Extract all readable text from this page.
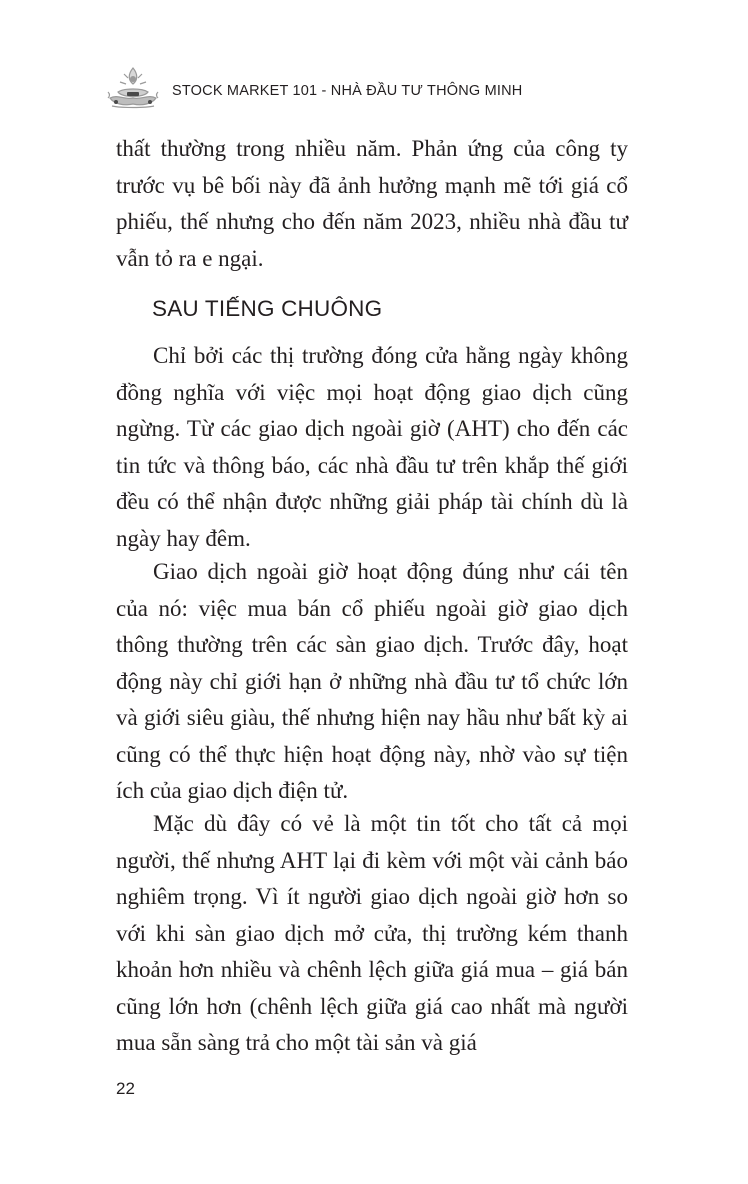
STOCK MARKET 101 - NHÀ ĐẦU TƯ THÔNG MINH

thất thường trong nhiều năm. Phản ứng của công ty trước vụ bê bối này đã ảnh hưởng mạnh mẽ tới giá cổ phiếu, thế nhưng cho đến năm 2023, nhiều nhà đầu tư vẫn tỏ ra e ngại.

SAU TIẾNG CHUÔNG

Chỉ bởi các thị trường đóng cửa hằng ngày không đồng nghĩa với việc mọi hoạt động giao dịch cũng ngừng. Từ các giao dịch ngoài giờ (AHT) cho đến các tin tức và thông báo, các nhà đầu tư trên khắp thế giới đều có thể nhận được những giải pháp tài chính dù là ngày hay đêm.

Giao dịch ngoài giờ hoạt động đúng như cái tên của nó: việc mua bán cổ phiếu ngoài giờ giao dịch thông thường trên các sàn giao dịch. Trước đây, hoạt động này chỉ giới hạn ở những nhà đầu tư tổ chức lớn và giới siêu giàu, thế nhưng hiện nay hầu như bất kỳ ai cũng có thể thực hiện hoạt động này, nhờ vào sự tiện ích của giao dịch điện tử.

Mặc dù đây có vẻ là một tin tốt cho tất cả mọi người, thế nhưng AHT lại đi kèm với một vài cảnh báo nghiêm trọng. Vì ít người giao dịch ngoài giờ hơn so với khi sàn giao dịch mở cửa, thị trường kém thanh khoản hơn nhiều và chênh lệch giữa giá mua – giá bán cũng lớn hơn (chênh lệch giữa giá cao nhất mà người mua sẵn sàng trả cho một tài sản và giá

22
